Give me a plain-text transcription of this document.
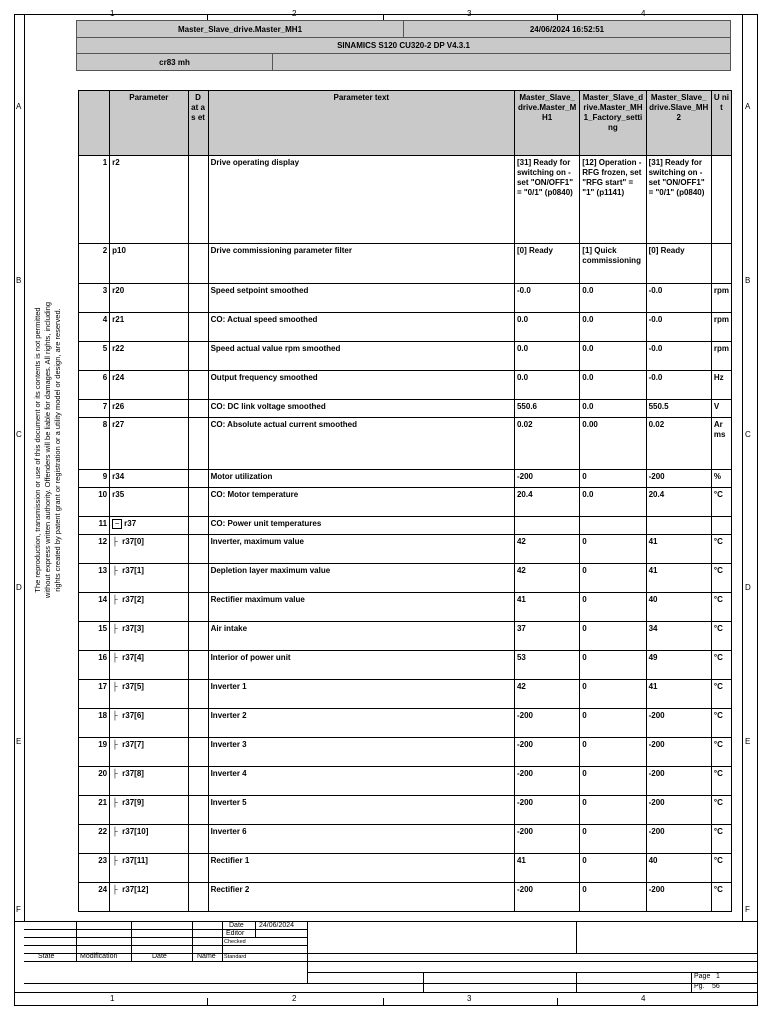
1	2	3	4
1	2	3	4
A
B
C
D
E
F
A
B
C
D
E
F
The reproduction, transmission or use of this document or its contents is not permitted without express written authority. Offenders will be liable for damages. All rights, including rights created by patent grant or registration or a utility model or design, are reserved.
Master_Slave_drive.Master_MH1	24/06/2024 16:52:51
SINAMICS S120 CU320-2 DP V4.3.1
cr83 mh
	Parameter	D at a s et	Parameter text	Master_Slave_drive.Master_MH1	Master_Slave_drive.Master_MH1_Factory_setting	Master_Slave_drive.Slave_MH2	U ni t
1	r2		Drive operating display	[31] Ready for switching on - set "ON/OFF1" = "0/1" (p0840)	[12] Operation - RFG frozen, set "RFG start" = "1" (p1141)	[31] Ready for switching on - set "ON/OFF1" = "0/1" (p0840)	
2	p10		Drive commissioning parameter filter	[0] Ready	[1] Quick commissioning	[0] Ready	
3	r20		Speed setpoint smoothed	-0.0	0.0	-0.0	rpm
4	r21		CO: Actual speed smoothed	0.0	0.0	-0.0	rpm
5	r22		Speed actual value rpm smoothed	0.0	0.0	-0.0	rpm
6	r24		Output frequency smoothed	0.0	0.0	-0.0	Hz
7	r26		CO: DC link voltage smoothed	550.6	0.0	550.5	V
8	r27		CO: Absolute actual current smoothed	0.02	0.00	0.02	Arms
9	r34		Motor utilization	-200	0	-200	%
10	r35		CO: Motor temperature	20.4	0.0	20.4	°C
11	− r37		CO: Power unit temperatures				
12	├ r37[0]		Inverter, maximum value	42	0	41	°C
13	├ r37[1]		Depletion layer maximum value	42	0	41	°C
14	├ r37[2]		Rectifier maximum value	41	0	40	°C
15	├ r37[3]		Air intake	37	0	34	°C
16	├ r37[4]		Interior of power unit	53	0	49	°C
17	├ r37[5]		Inverter 1	42	0	41	°C
18	├ r37[6]		Inverter 2	-200	0	-200	°C
19	├ r37[7]		Inverter 3	-200	0	-200	°C
20	├ r37[8]		Inverter 4	-200	0	-200	°C
21	├ r37[9]		Inverter 5	-200	0	-200	°C
22	├ r37[10]		Inverter 6	-200	0	-200	°C
23	├ r37[11]		Rectifier 1	41	0	40	°C
24	├ r37[12]		Rectifier 2	-200	0	-200	°C
Date 24/06/2024
Editor
Checked
Standard
State	Modification	Date	Name
Page 1
Pg. 56
